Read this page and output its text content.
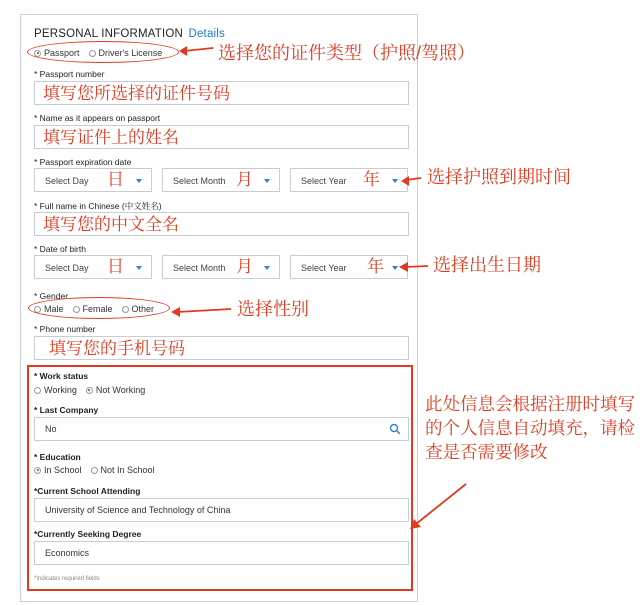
PERSONAL INFORMATION Details
Passport Driver's License
* Passport number
填写您所选择的证件号码
* Name as it appears on passport
填写证件上的姓名
* Passport expiration date
Select Day 日	Select Month 月	Select Year 年
* Full name in Chinese (中文姓名)
填写您的中文全名
* Date of birth
Select Day 日	Select Month 月	Select Year 年
* Gender
Male Female Other
* Phone number
填写您的手机号码
* Work status
Working Not Working
* Last Company
No
* Education
In School Not In School
*Current School Attending
University of Science and Technology of China
*Currently Seeking Degree
Economics
*Indicates required fields
选择您的证件类型（护照/驾照）
选择护照到期时间
选择出生日期
选择性别
此处信息会根据注册时填写的个人信息自动填充，请检查是否需要修改
